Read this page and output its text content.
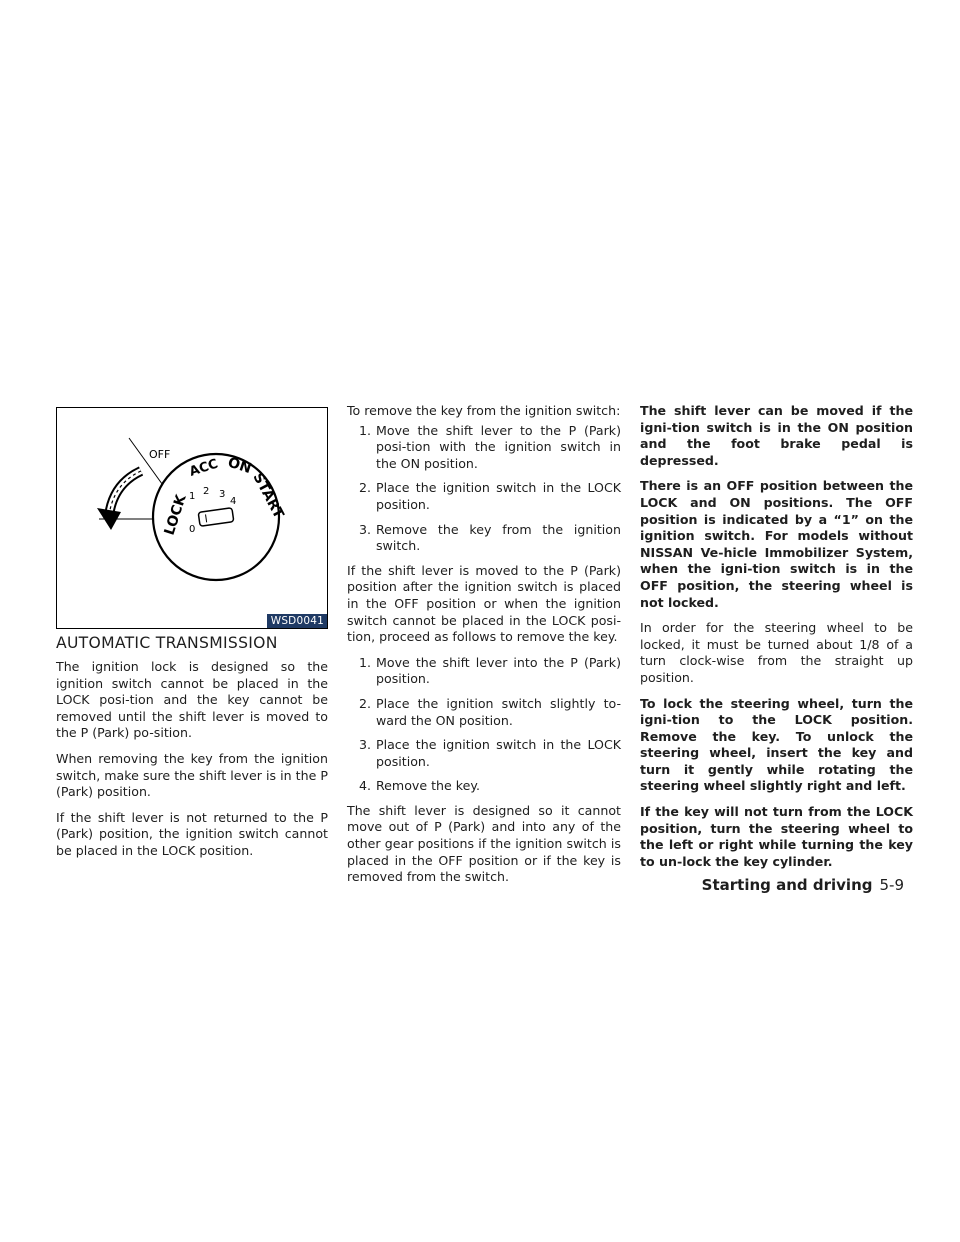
OFF
LOCK
ACC ON
START
0
1 2 3
4
WSD0041
AUTOMATIC TRANSMISSION

The ignition lock is designed so the ignition switch cannot be placed in the LOCK posi-tion and the key cannot be removed until the shift lever is moved to the P (Park) po-sition.

When removing the key from the ignition switch, make sure the shift lever is in the P (Park) position.

If the shift lever is not returned to the P (Park) position, the ignition switch cannot be placed in the LOCK position.

To remove the key from the ignition switch:

1. Move the shift lever to the P (Park) posi-tion with the ignition switch in the ON position.
2. Place the ignition switch in the LOCK position.
3. Remove the key from the ignition switch.

If the shift lever is moved to the P (Park) position after the ignition switch is placed in the OFF position or when the ignition switch cannot be placed in the LOCK posi-tion, proceed as follows to remove the key.

1. Move the shift lever into the P (Park) position.
2. Place the ignition switch slightly to-ward the ON position.
3. Place the ignition switch in the LOCK position.
4. Remove the key.

The shift lever is designed so it cannot move out of P (Park) and into any of the other gear positions if the ignition switch is placed in the OFF position or if the key is removed from the switch.

The shift lever can be moved if the igni-tion switch is in the ON position and the foot brake pedal is depressed.

There is an OFF position between the LOCK and ON positions. The OFF position is indicated by a “1” on the ignition switch. For models without NISSAN Ve-hicle Immobilizer System, when the igni-tion switch is in the OFF position, the steering wheel is not locked.

In order for the steering wheel to be locked, it must be turned about 1/8 of a turn clock-wise from the straight up position.

To lock the steering wheel, turn the igni-tion to the LOCK position. Remove the key. To unlock the steering wheel, insert the key and turn it gently while rotating the steering wheel slightly right and left.

If the key will not turn from the LOCK position, turn the steering wheel to the left or right while turning the key to un-lock the key cylinder.

Starting and driving 5-9
